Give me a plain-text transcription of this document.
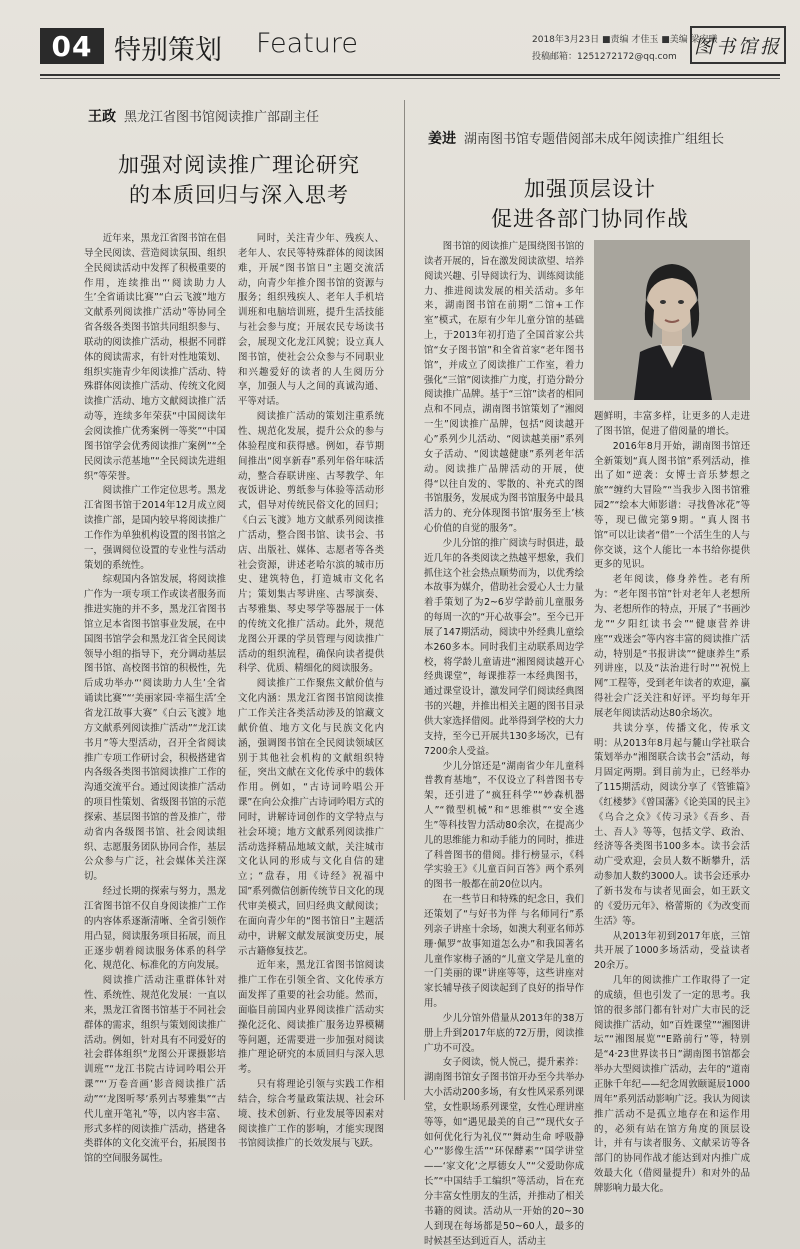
04 特别策划 Feature	2018年3月23日 ■责编 才佳玉 ■美编 梁宏曦
投稿邮箱：1251272172@qq.com 图书馆报
王政 黑龙江省图书馆阅读推广部副主任
加强对阅读推广理论研究
的本质回归与深入思考

近年来，黑龙江省图书馆在倡导全民阅读、营造阅读氛围、组织全民阅读活动中发挥了积极重要的作用，连续推出“‘阅读助力人生’全省诵读比赛”“白云飞渡”地方文献系列阅读推广活动”等协同全省各级各类图书馆共同组织参与、联动的阅读推广活动，根据不同群体的阅读需求，有针对性地策划、组织实施青少年阅读推广活动、特殊群体阅读推广活动、传统文化阅读推广活动、地方文献阅读推广活动等，连续多年荣获“中国阅读年会阅读推广优秀案例一等奖”“中国图书馆学会优秀阅读推广案例”“全民阅读示范基地”“全民阅读先进组织”等荣誉。

阅读推广工作定位思考。黑龙江省图书馆于2014年12月成立阅读推广部，是国内较早将阅读推广工作作为单独机构设置的图书馆之一，强调阅位设置的专业性与活动策划的系统性。

综观国内各馆发展，将阅读推广作为一项专项工作或读者服务而推进实施的并不多，黑龙江省图书馆立足本省图书馆事业发展，在中国图书馆学会和黑龙江省全民阅读领导小组的指导下，充分调动基层图书馆、高校图书馆的积极性，先后成功举办“‘阅读助力人生’全省诵读比赛”“‘美丽家园·幸福生活’全省龙江故事大赛”《白云飞渡》地方文献系列阅读推广活动”“龙江读书月”等大型活动，召开全省阅读推广专项工作研讨会，积极搭建省内各级各类图书馆阅读推广工作的沟通交流平台。通过阅读推广活动的项目性策划、省级图书馆的示范探索、基层图书馆的普及推广，带动省内各级图书馆、社会阅读组织、志愿服务团队协同合作，基层公众参与广泛，社会媒体关注深切。

经过长期的探索与努力，黑龙江省图书馆不仅自身阅读推广工作的内容体系逐渐清晰、全省引领作用凸显，阅读服务项目拓展，而且正逐步朝着阅读服务体系的科学化、规范化、标准化的方向发展。

阅读推广活动注重群体针对性、系统性、规范化发展：一直以来，黑龙江省图书馆基于不同社会群体的需求，组织与策划阅读推广活动。例如，针对具有不同爱好的社会群体组织“龙图公开课摄影培训班”“龙江书院古诗词吟唱公开课”“‘万卷音画’影音阅读推广活动”“‘龙图听琴’系列古琴雅集”“古代儿童开笔礼”等，以内容丰富、形式多样的阅读推广活动，搭建各类群体的文化交流平台，拓展图书馆的空间服务属性。

同时，关注青少年、残疾人、老年人、农民等特殊群体的阅读困难，开展“图书馆日”主题交流活动，向青少年推介图书馆的资源与服务；组织残疾人、老年人手机培训班和电脑培训班，提升生活技能与社会参与度；开展农民专场读书会，展现文化龙江风貌；设立真人图书馆，使社会公众参与不同职业和兴趣爱好的读者的人生阅历分享，加强人与人之间的真诚沟通、平等对话。

阅读推广活动的策划注重系统性、规范化发展，提升公众的参与体验程度和获得感。例如，春节期间推出“阅享新春”系列年俗年味活动，整合春联讲座、古琴教学、年夜饭讲论、剪纸参与体验等活动形式，倡导对传统民俗文化的回归；《白云飞渡》地方文献系列阅读推广活动，整合图书馆、读书会、书店、出版社、媒体、志愿者等各类社会资源，讲述老哈尔滨的城市历史、建筑特色，打造城市文化名片；策划集古琴讲座、古琴演奏、古琴雅集、琴史琴学等器展于一体的传统文化推广活动。此外，规范龙图公开课的学员管理与阅读推广活动的组织流程，确保向读者提供科学、优质、精细化的阅读服务。

阅读推广工作聚焦文献价值与文化内涵：黑龙江省图书馆阅读推广工作关注各类活动涉及的馆藏文献价值、地方文化与民族文化内涵，强调图书馆在全民阅读领域区别于其他社会机构的文献组织特征，突出文献在文化传承中的载体作用。例如，“古诗词吟唱公开课”在向公众推广古诗词吟唱方式的同时，讲解诗词创作的文学特点与社会环境；地方文献系列阅读推广活动选择精品地域文献，关注城市文化认同的形成与文化自信的建立；“盘春，用《诗经》祝福中国”系列微信创新传统节日文化的现代审美模式，回归经典文献阅读；在面向青少年的“图书馆日”主题活动中，讲解文献发展演变历史，展示古籍修复技艺。

近年来，黑龙江省图书馆阅读推广工作在引领全省、文化传承方面发挥了重要的社会功能。然而，面临目前国内业界阅读推广活动实操化泛化、阅读推广服务边界模糊等问题，还需要进一步加强对阅读推广理论研究的本质回归与深入思考。

只有将理论引领与实践工作相结合，综合考量政策法规、社会环境、技术创新、行业发展等因素对阅读推广工作的影响，才能实现图书馆阅读推广的长效发展与飞跃。

姜进 湖南图书馆专题借阅部未成年阅读推广组组长
加强顶层设计
促进各部门协同作战

图书馆的阅读推广是围绕图书馆的读者开展的，旨在激发阅读欲望、培养阅读兴趣、引导阅读行为、训练阅读能力、推进阅读发展的相关活动。多年来，湖南图书馆在前期“二馆+工作室”模式，在原有少年儿童分馆的基础上，于2013年初打造了全国首家公共馆“女子图书馆”和全省首家“老年图书馆”，并成立了阅读推广工作室，着力强化“三馆”阅读推广力度，打造分龄分阅读推广品牌。基于“三馆”读者的相同点和不同点，湖南图书馆策划了“湘阅一生”阅读推广品牌，包括“阅读越开心”系列少儿活动、“阅读越美丽”系列女子活动、“阅读越健康”系列老年活动。阅读推广品牌活动的开展，使得“以往自发的、零散的、补充式的图书馆服务，发展成为图书馆服务中最具活力的、充分体现图书馆‘服务至上’核心价值的自觉的服务”。

少儿分馆的推广阅读与时俱进，最近几年的各类阅读之热越平想象，我们抓住这个社会热点顺势而为，以优秀绘本故事为媒介，借助社会爱心人士力量着手策划了为2~6岁学龄前儿童服务的每周一次的“开心故事会”。至今已开展了147期活动，阅读中外经典儿童绘本260多本。同时我们主动联系周边学校，将学龄儿童请进“湘图阅读越开心经典课堂”，每课推荐一本经典图书，通过课堂设计，激发同学们阅读经典图书的兴趣，并推出相关主题的图书目录供大家选择借阅。此举得到学校的大力支持，至今已开展共130多场次，已有7200余人受益。

少儿分馆还是“湖南省少年儿童科普教育基地”，不仅设立了科普图书专架，还引进了“疯狂科学”“妙森机器人”“微型机械”和“思维棋”“安全逃生”等科技智力活动80余次，在提高少儿的思维能力和动手能力的同时，推进了科普图书的借阅。排行榜显示，《科学实验王》《儿童百问百答》两个系列的图书一般都在前20位以内。

在一些节日和特殊的纪念日，我们还策划了“与好书为伴 与名师同行”系列亲子讲座十余场，如澳大利亚名师苏珊·佩罗“故事知道怎么办”和我国著名儿童作家梅子涵的“儿童文学是儿童的一门美丽的课”讲座等等，这些讲座对家长辅导孩子阅读起到了良好的指导作用。

少儿分馆外借量从2013年的38万册上升到2017年底的72万册，阅读推广功不可没。

女子阅读，悦人悦己，提升素养：湖南图书馆女子图书馆开办至今共举办大小活动200多场，有女性风采系列课堂，女性职场系列课堂，女性心理讲座等等，如“遇见最美的自己”“现代女子如何优化行为礼仪”“舞动生命 呼吸静心”“影像生活”“环保酵素”“国学讲堂——‘家文化’之厚德女人”“父爱助你成长”“中国结手工编织”等活动，旨在充分丰富女性朋友的生活，并推动了相关书籍的阅读。活动从一开始的20~30人到现在每场都是50~60人，最多的时候甚至达到近百人，活动主

题鲜明，丰富多样，让更多的人走进了图书馆，促进了借阅量的增长。

2016年8月开始，湖南图书馆还全新策划“真人图书馆”系列活动，推出了如“逆袭：女博士音乐梦想之旅”“缠约大冒险”“当我步入图书馆雅园2”“绘本大师影谱：寻找鲁冰花”等等，现已做完第9期。“真人图书馆”可以让读者“借”一个活生生的人与你交谈，这个人能比一本书给你提供更多的见识。

老年阅读，修身养性。老有所为：“老年图书馆”针对老年人老想所为、老想所作的特点，开展了“书画沙龙”“夕阳红读书会”“健康营养讲座”“戏迷会”等内容丰富的阅读推广活动，特别是“书报讲读”“健康养生”系列讲座，以及“法治进行时”“祝悦上网”工程等，受到老年读者的欢迎，赢得社会广泛关注和好评。平均每年开展老年阅读活动达80余场次。

共读分享，传播文化，传承文明：从2013年8月起与麓山学社联合策划举办“湘图联合读书会”活动，每月固定两期。到目前为止，已经举办了115期活动，阅读分享了《管锥篇》《红楼梦》《曾国藩》《论美国的民主》《乌合之众》《传习录》《吾乡、吾土、吾人》等等，包括文学、政治、经济等各类图书100多本。读书会活动广受欢迎，会员人数不断攀升，活动参加人数约3000人。读书会还承办了新书发布与读者见面会，如王跃文的《爱历元年》、格蕾斯的《为改变而生活》等。

从2013年初到2017年底，三馆共开展了1000多场活动，受益读者20余万。

几年的阅读推广工作取得了一定的成绩，但也引发了一定的思考。我馆的很多部门都有针对广大市民的泛阅读推广活动，如“百姓课堂”“湘图讲坛”“湘图展览”“E路前行”等，特别是“4·23世界读书日”湖南图书馆都会举办大型阅读推广活动，去年的“道南正脉千年纪——纪念周敦颐诞辰1000周年”系列活动影响广泛。我认为阅读推广活动不是孤立地存在和运作用的，必须有站在馆方角度的顶层设计，并有与读者服务、文献采访等各部门的协同作战才能达到对内推广成效最大化（借阅量提升）和对外的品牌影响力最大化。
